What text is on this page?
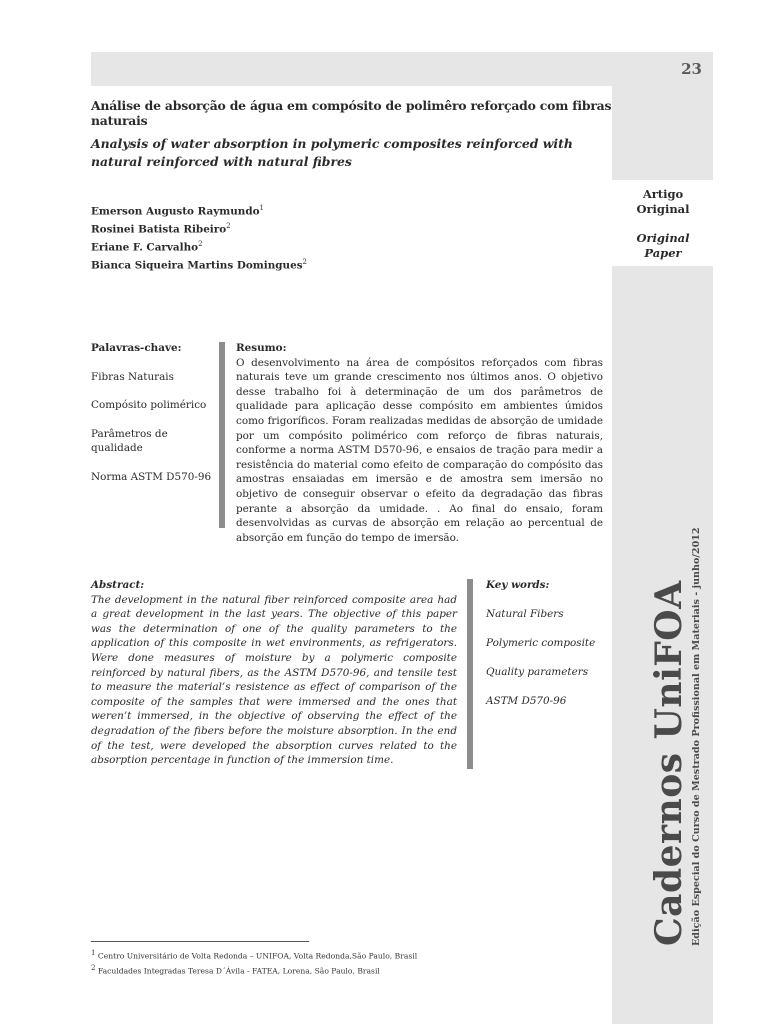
23
Artigo
Original
Original
Paper
Análise de absorção de água em compósito de polimêro reforçado com fibras naturais
Analysis of water absorption in polymeric composites reinforced with natural reinforced with natural fibres
Emerson Augusto Raymundo$^1$
Rosinei Batista Ribeiro$^2$
Eriane F. Carvalho$^2$
Bianca Siqueira Martins Domingues$^2$
Palavras-chave:
Fibras Naturais
Compósito polimérico
Parâmetros de qualidade
Norma ASTM D570-96
Resumo:
O desenvolvimento na área de compósitos reforçados com fibras naturais teve um grande crescimento nos últimos anos. O objetivo desse trabalho foi à determinação de um dos parâmetros de qualidade para aplicação desse compósito em ambientes úmidos como frigoríficos. Foram realizadas medidas de absorção de umidade por um compósito polimérico com reforço de fibras naturais, conforme a norma ASTM D570-96, e ensaios de tração para medir a resistência do material como efeito de comparação do compósito das amostras ensaiadas em imersão e de amostra sem imersão no objetivo de conseguir observar o efeito da degradação das fibras perante a absorção da umidade. . Ao final do ensaio, foram desenvolvidas as curvas de absorção em relação ao percentual de absorção em função do tempo de imersão.
Abstract:
The development in the natural fiber reinforced composite area had a great development in the last years. The objective of this paper was the determination of one of the quality parameters to the application of this composite in wet environments, as refrigerators. Were done measures of moisture by a polymeric composite reinforced by natural fibers, as the ASTM D570-96, and tensile test to measure the material’s resistence as effect of comparison of the composite of the samples that were immersed and the ones that weren’t immersed, in the objective of observing the effect of the degradation of the fibers before the moisture absorption. In the end of the test, were developed the absorption curves related to the absorption percentage in function of the immersion time.
Key words:
Natural Fibers
Polymeric composite
Quality parameters
ASTM D570-96	Cadernos UniFOA Edição Especial do Curso de Mestrado Profissional em Materiais - junho/2012
$^1$ Centro Universitário de Volta Redonda – UNIFOA, Volta Redonda,São Paulo, Brasil
$^2$ Faculdades Integradas Teresa D´Ávila - FATEA, Lorena, São Paulo, Brasil
